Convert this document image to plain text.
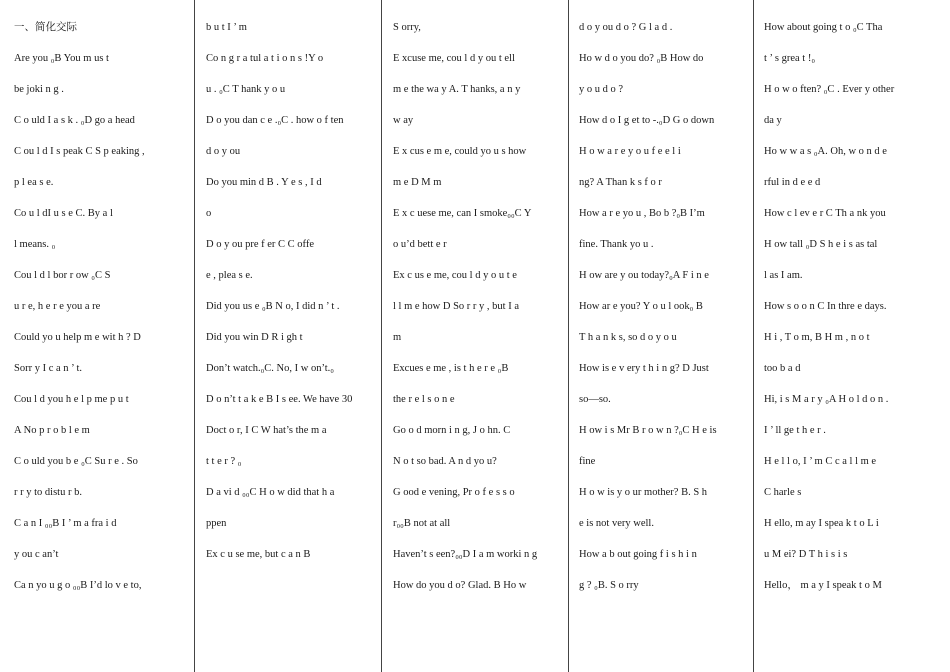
一、简化交际
Are you ₀B You m us t
be joki n g .
C o uld I a s k . ₀D go a head
C ou l d I s peak C S p eaking ,
p l ea s e.
Co u l dI u s e C. By a l
l means. ₀
Cou l d l bor r ow ₀C S
u r e, h e r e you a re
Could yo u help m e wit h ? D
Sorr y I c a n ’ t.
Cou l d you h e l p me p u t
A No p r o b l e m
C o uld you b e ₀C Su r e . So
r r y to distu r b.
C a n I ₀₀B I ’ m a fra i d
y ou c an’t
Ca n yo u g o ₀₀B I’d lo v e to,
b u t I ’ m
Co n g r a tul a t i o n s !Y o
u . ₀C T hank y o u
D o you dan c e .₀C . how o f ten
d o y ou
Do you min d B . Y e s , I d
o
D o y ou pre f er C C offe
e , plea s e.
Did you us e ₀B N o, I did n ’ t .
Did you win D R i gh t
Don’t watch.₀C. No, I w on’t.₀
D o n’t t a k e B I s ee. We have 30
Doct o r, I C W hat’s the m a
t t e r ? ₀
D a vi d ₀₀C H o w did that h a
ppen
Ex c u se me, but c a n B
S orry,
E xcuse me, cou l d y ou t ell
m e the wa y A. T hanks, a n y
w ay
E x cus e m e, could yo u s how
m e D M m
E x c uese me, can I smoke₀₀C Y
o u’d bett e r
Ex c us e me, cou l d y o u t e
l l m e how D So r r y , but I a
m
Excues e me , is t h e r e ₀B
the r e l s o n e
Go o d morn i n g, J o hn. C
N o t so bad. A n d yo u?
G ood e vening, Pr o f e s s o
r₀₀B not at all
Haven’t s een?₀₀D I a m worki n g
How do you d o? Glad. B Ho w
d o y ou d o ? G l a d .
Ho w d o you do? ₀B How do
y o u d o ?
How d o I g et to -.₀D G o down
H o w a r e y o u f e e l i
ng? A Than k s f o r
How a r e yo u , Bo b ?₀B I’m
fine. Thank yo u .
H ow are y ou today?₀A F i n e
How ar e you? Y o u l ook₀ B
T h a n k s, so d o y o u
How is e v ery t h i n g? D Just
so—so.
H ow i s Mr B r o w n ?₀C H e is
fine
H o w is y o ur mother? B. S h
e is not very well.
How a b out going f i s h i n
g ? ₀B. S o rry
How about going t o ₀C Tha
t ’ s grea t !₀
H o w o ften? ₀C . Ever y other
da y
Ho w w a s ₀A. Oh, w o n d e
rful in d e e d
How c l ev e r C Th a nk you
H ow tall ₀D S h e i s as tal
l as I am.
How s o o n C In thre e days.
H i , T o m, B H m , n o t
too b a d
Hi, i s M a r y ₀A H o l d o n .
I ’ ll ge t h e r .
H e l l o, I ’ m C c a l l m e
C harle s
H ello, m ay I spea k t o L i
u M ei? D T h i s i s
Hello， m a y I speak t o M
